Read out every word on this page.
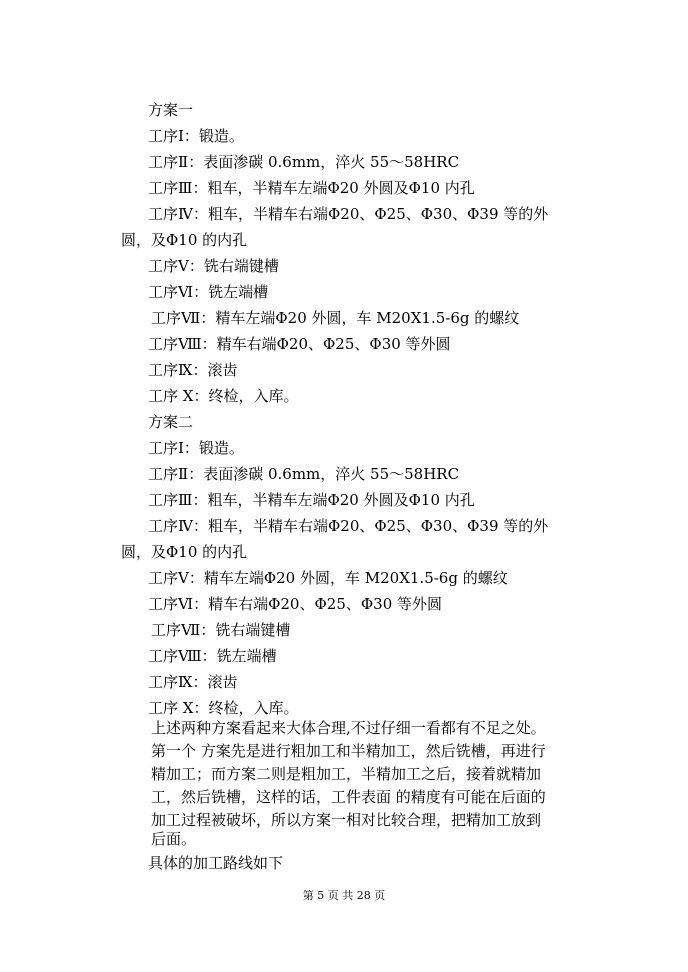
方案一
工序Ⅰ：锻造。
工序Ⅱ：表面渗碳 0.6mm，淬火 55～58HRC
工序Ⅲ：粗车，半精车左端Φ20 外圆及Φ10 内孔
工序Ⅳ：粗车，半精车右端Φ20、Φ25、Φ30、Φ39 等的外
圆，及Φ10 的内孔
工序Ⅴ：铣右端键槽
工序Ⅵ：铣左端槽
工序Ⅶ：精车左端Φ20 外圆，车 M20X1.5-6g 的螺纹
工序Ⅷ：精车右端Φ20、Φ25、Φ30 等外圆
工序Ⅸ：滚齿
工序 X：终检，入库。
方案二
工序Ⅰ：锻造。
工序Ⅱ：表面渗碳 0.6mm，淬火 55～58HRC
工序Ⅲ：粗车，半精车左端Φ20 外圆及Φ10 内孔
工序Ⅳ：粗车，半精车右端Φ20、Φ25、Φ30、Φ39 等的外
圆，及Φ10 的内孔
工序Ⅴ：精车左端Φ20 外圆，车 M20X1.5-6g 的螺纹
工序Ⅵ：精车右端Φ20、Φ25、Φ30 等外圆
工序Ⅶ：铣右端键槽
工序Ⅷ：铣左端槽
工序Ⅸ：滚齿
工序 X：终检，入库。
上述两种方案看起来大体合理,不过仔细一看都有不足之处。
第一个 方案先是进行粗加工和半精加工，然后铣槽，再进行
精加工；而方案二则是粗加工，半精加工之后，接着就精加
工，然后铣槽，这样的话，工件表面 的精度有可能在后面的
加工过程被破坏，所以方案一相对比较合理，把精加工放到
后面。
具体的加工路线如下
第 5 页 共 28 页
